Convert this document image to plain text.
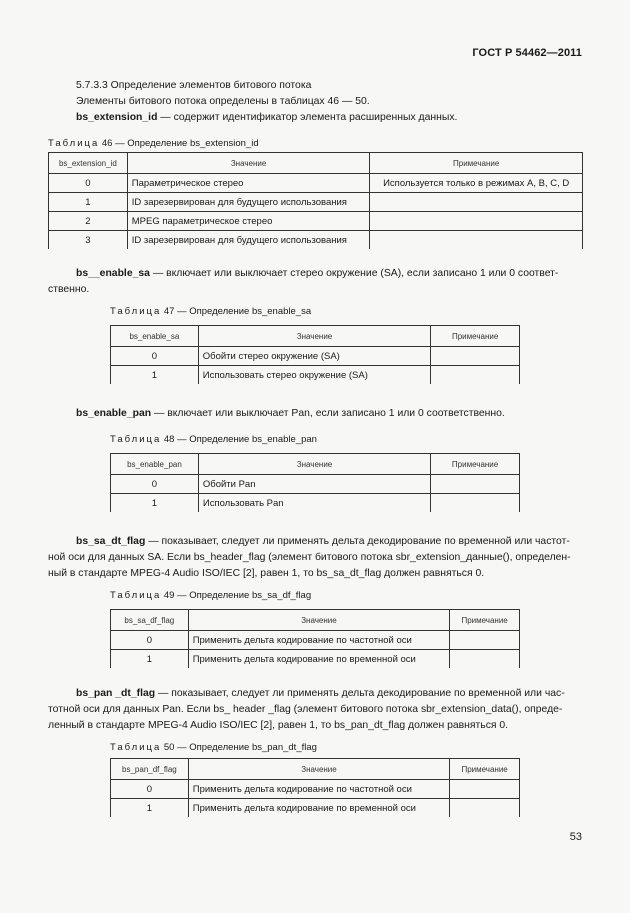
ГОСТ Р 54462—2011
5.7.3.3 Определение элементов битового потока
Элементы битового потока определены в таблицах 46 — 50.
bs_extension_id — содержит идентификатор элемента расширенных данных.
Таблица 46 — Определение bs_extension_id
bs_extension_id	Значение	Примечание
0	Параметрическое стерео	Используется только в режимах A, B, C, D
1	ID зарезервирован для будущего использования	
2	MPEG параметрическое стерео	
3	ID зарезервирован для будущего использования	
bs__enable_sa — включает или выключает стерео окружение (SA), если записано 1 или 0 соответ-
ственно.
Таблица 47 — Определение bs_enable_sa
bs_enable_sa	Значение	Примечание
0	Обойти стерео окружение (SA)	
1	Использовать стерео окружение (SA)	
bs_enable_pan — включает или выключает Pan, если записано 1 или 0 соответственно.
Таблица 48 — Определение bs_enable_pan
bs_enable_pan	Значение	Примечание
0	Обойти Pan	
1	Использовать Pan	
bs_sa_dt_flag — показывает, следует ли применять дельта декодирование по временной или частот-
ной оси для данных SA. Если bs_header_flag (элемент битового потока sbr_extension_данные(), определен-
ный в стандарте MPEG-4 Audio ISO/IEC [2], равен 1, то bs_sa_dt_flag должен равняться 0.
Таблица 49 — Определение bs_sa_df_flag
bs_sa_df_flag	Значение	Примечание
0	Применить дельта кодирование по частотной оси	
1	Применить дельта кодирование по временной оси	
bs_pan _dt_flag — показывает, следует ли применять дельта декодирование по временной или час-
тотной оси для данных Pan. Если bs_ header _flag (элемент битового потока sbr_extension_data(), опреде-
ленный в стандарте MPEG-4 Audio ISO/IEC [2], равен 1, то bs_pan_dt_flag должен равняться 0.
Таблица 50 — Определение bs_pan_dt_flag
bs_pan_df_flag	Значение	Примечание
0	Применить дельта кодирование по частотной оси	
1	Применить дельта кодирование по временной оси	
53
